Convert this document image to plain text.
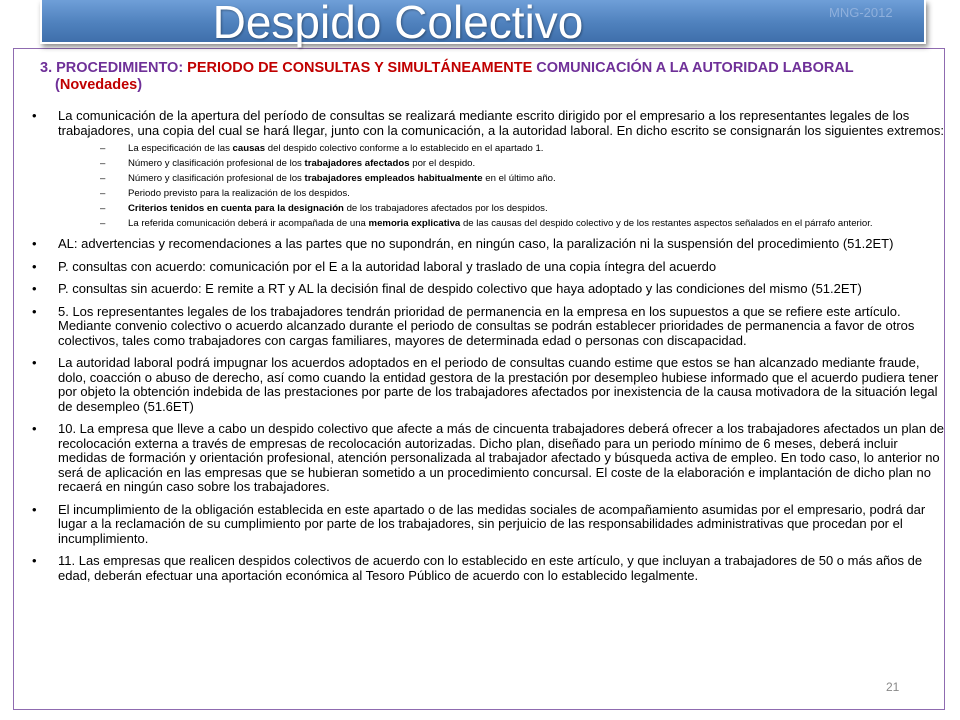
Despido Colectivo	MNG-2012
3. PROCEDIMIENTO: PERIODO DE CONSULTAS Y SIMULTÁNEAMENTE COMUNICACIÓN A LA AUTORIDAD LABORAL
(Novedades)
• La comunicación de la apertura del período de consultas se realizará mediante escrito dirigido por el empresario a los representantes legales de los trabajadores, una copia del cual se hará llegar, junto con la comunicación, a la autoridad laboral. En dicho escrito se consignarán los siguientes extremos:
– La especificación de las causas del despido colectivo conforme a lo establecido en el apartado 1.
– Número y clasificación profesional de los trabajadores afectados por el despido.
– Número y clasificación profesional de los trabajadores empleados habitualmente en el último año.
– Periodo previsto para la realización de los despidos.
– Criterios tenidos en cuenta para la designación de los trabajadores afectados por los despidos.
– La referida comunicación deberá ir acompañada de una memoria explicativa de las causas del despido colectivo y de los restantes aspectos señalados en el párrafo anterior.
• AL: advertencias y recomendaciones a las partes que no supondrán, en ningún caso, la paralización ni la suspensión del procedimiento (51.2ET)
• P. consultas con acuerdo: comunicación por el E a la autoridad laboral y traslado de una copia íntegra del acuerdo
• P. consultas sin acuerdo: E remite a RT y AL la decisión final de despido colectivo que haya adoptado y las condiciones del mismo (51.2ET)
• 5. Los representantes legales de los trabajadores tendrán prioridad de permanencia en la empresa en los supuestos a que se refiere este artículo. Mediante convenio colectivo o acuerdo alcanzado durante el periodo de consultas se podrán establecer prioridades de permanencia a favor de otros colectivos, tales como trabajadores con cargas familiares, mayores de determinada edad o personas con discapacidad.
• La autoridad laboral podrá impugnar los acuerdos adoptados en el periodo de consultas cuando estime que estos se han alcanzado mediante fraude, dolo, coacción o abuso de derecho, así como cuando la entidad gestora de la prestación por desempleo hubiese informado que el acuerdo pudiera tener por objeto la obtención indebida de las prestaciones por parte de los trabajadores afectados por inexistencia de la causa motivadora de la situación legal de desempleo (51.6ET)
• 10. La empresa que lleve a cabo un despido colectivo que afecte a más de cincuenta trabajadores deberá ofrecer a los trabajadores afectados un plan de recolocación externa a través de empresas de recolocación autorizadas. Dicho plan, diseñado para un periodo mínimo de 6 meses, deberá incluir medidas de formación y orientación profesional, atención personalizada al trabajador afectado y búsqueda activa de empleo. En todo caso, lo anterior no será de aplicación en las empresas que se hubieran sometido a un procedimiento concursal. El coste de la elaboración e implantación de dicho plan no recaerá en ningún caso sobre los trabajadores.
• El incumplimiento de la obligación establecida en este apartado o de las medidas sociales de acompañamiento asumidas por el empresario, podrá dar lugar a la reclamación de su cumplimiento por parte de los trabajadores, sin perjuicio de las responsabilidades administrativas que procedan por el incumplimiento.
• 11. Las empresas que realicen despidos colectivos de acuerdo con lo establecido en este artículo, y que incluyan a trabajadores de 50 o más años de edad, deberán efectuar una aportación económica al Tesoro Público de acuerdo con lo establecido legalmente.
21
